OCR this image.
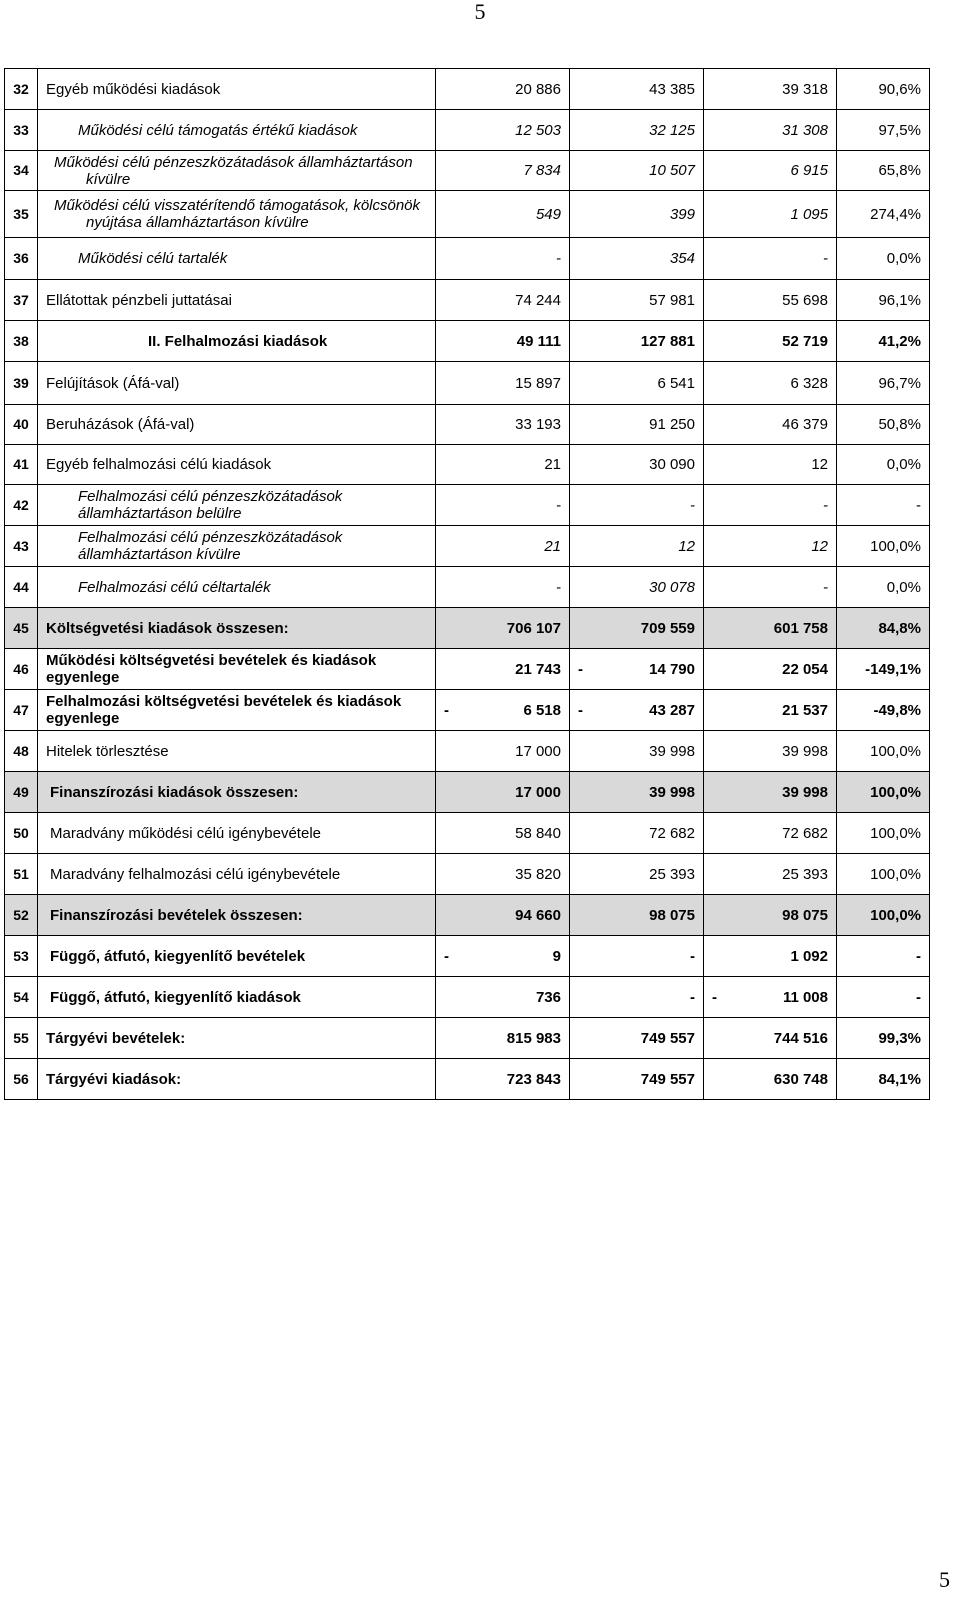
5
32	Egyéb működési kiadások	20 886	43 385	39 318	90,6%
33	Működési célú támogatás értékű kiadások	12 503	32 125	31 308	97,5%
34	Működési célú pénzeszközátadások államháztartáson kívülre	7 834	10 507	6 915	65,8%
35	Működési célú visszatérítendő támogatások, kölcsönök nyújtása államháztartáson kívülre	549	399	1 095	274,4%
36	Működési célú tartalék	-	354	-	0,0%
37	Ellátottak pénzbeli juttatásai	74 244	57 981	55 698	96,1%
38	II. Felhalmozási kiadások	49 111	127 881	52 719	41,2%
39	Felújítások (Áfá-val)	15 897	6 541	6 328	96,7%
40	Beruházások (Áfá-val)	33 193	91 250	46 379	50,8%
41	Egyéb felhalmozási célú kiadások	21	30 090	12	0,0%
42	Felhalmozási célú pénzeszközátadások államháztartáson belülre	-	-	-	-
43	Felhalmozási célú pénzeszközátadások államháztartáson kívülre	21	12	12	100,0%
44	Felhalmozási célú céltartalék	-	30 078	-	0,0%
45	Költségvetési kiadások összesen:	706 107	709 559	601 758	84,8%
46	Működési költségvetési bevételek és kiadások egyenlege	21 743	- 14 790	22 054	-149,1%
47	Felhalmozási költségvetési bevételek és kiadások egyenlege	- 6 518	- 43 287	21 537	-49,8%
48	Hitelek törlesztése	17 000	39 998	39 998	100,0%
49	Finanszírozási kiadások összesen:	17 000	39 998	39 998	100,0%
50	Maradvány működési célú igénybevétele	58 840	72 682	72 682	100,0%
51	Maradvány felhalmozási célú igénybevétele	35 820	25 393	25 393	100,0%
52	Finanszírozási bevételek összesen:	94 660	98 075	98 075	100,0%
53	Függő, átfutó, kiegyenlítő bevételek	- 9	-	1 092	-
54	Függő, átfutó, kiegyenlítő kiadások	736	-	- 11 008	-
55	Tárgyévi bevételek:	815 983	749 557	744 516	99,3%
56	Tárgyévi kiadások:	723 843	749 557	630 748	84,1%
5
